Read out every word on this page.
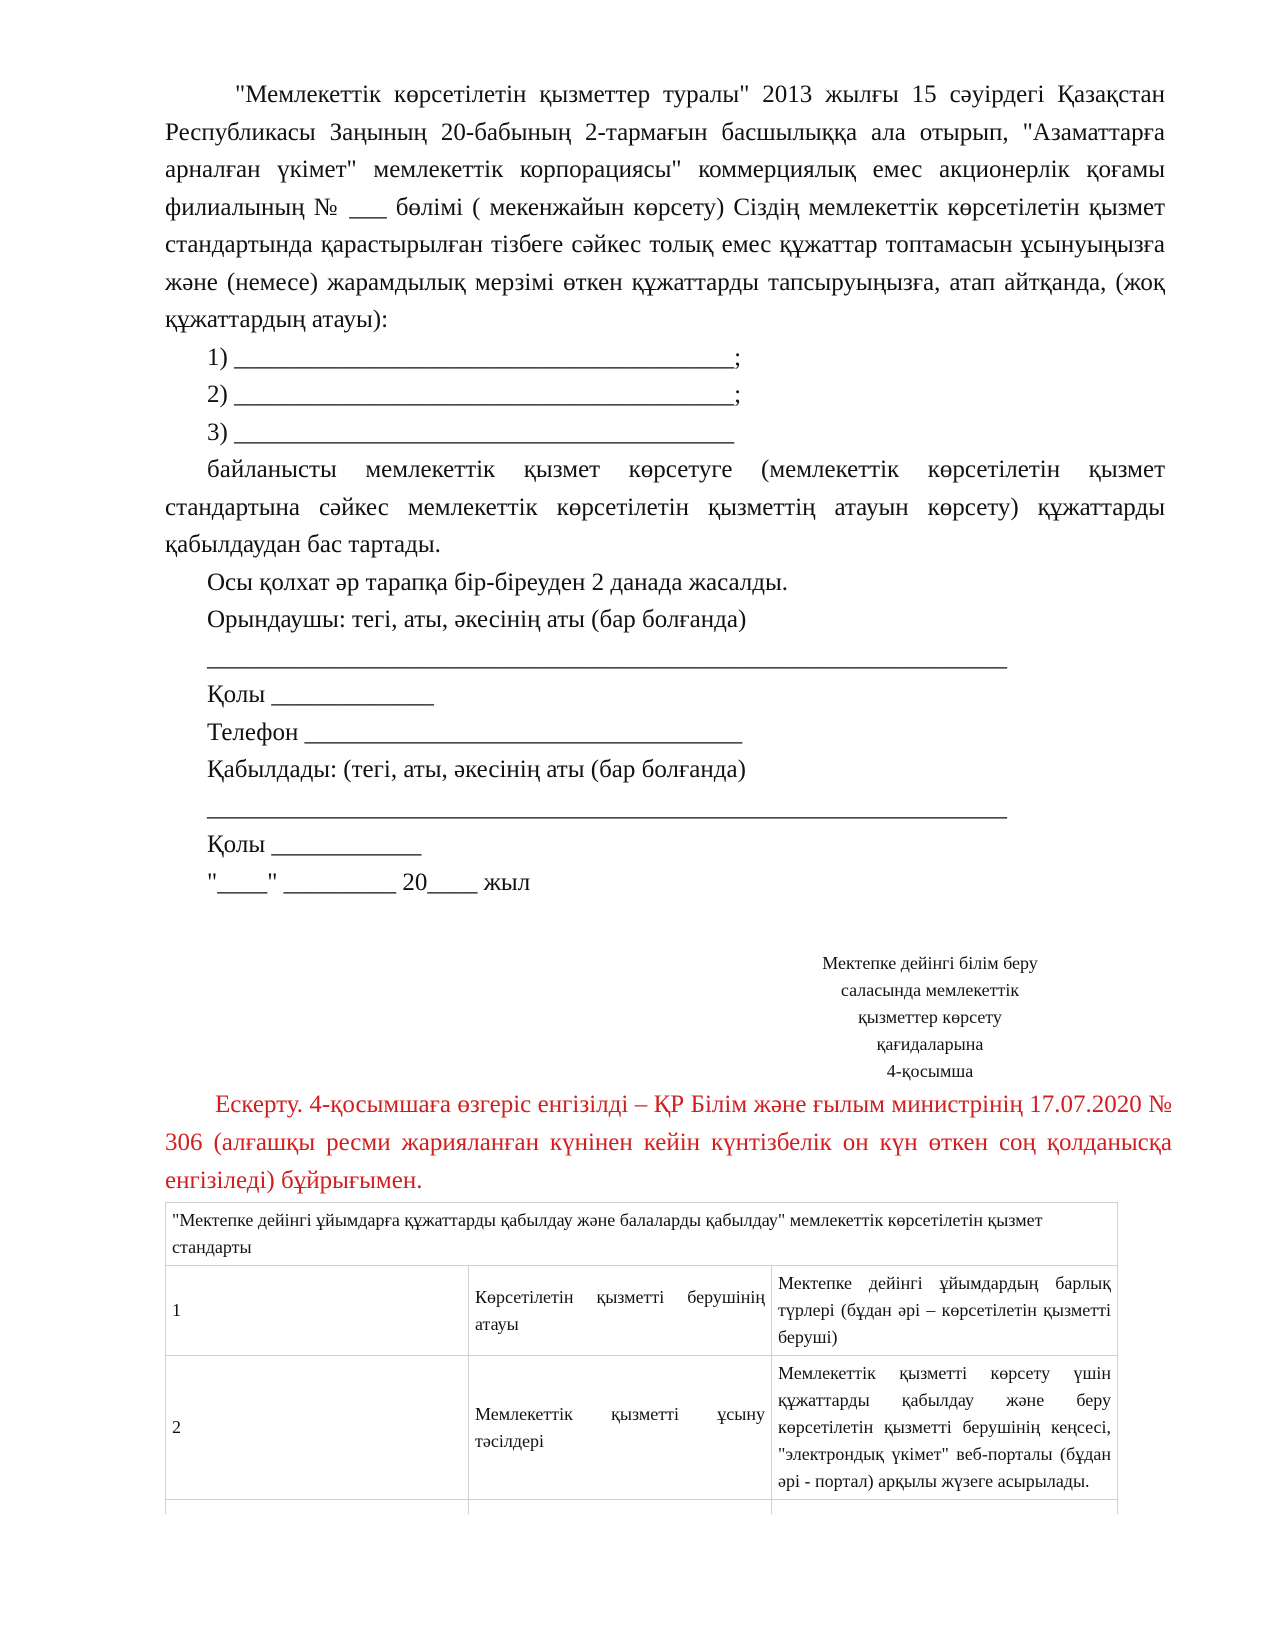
"Мемлекеттік көрсетілетін қызметтер туралы" 2013 жылғы 15 сәуірдегі Қазақстан Республикасы Заңының 20-бабының 2-тармағын басшылыққа ала отырып, "Азаматтарға арналған үкімет" мемлекеттік корпорациясы" коммерциялық емес акционерлік қоғамы филиалының № ___ бөлімі ( мекенжайын көрсету) Сіздің мемлекеттік көрсетілетін қызмет стандартында қарастырылған тізбеге сәйкес толық емес құжаттар топтамасын ұсынуыңызға және (немесе) жарамдылық мерзімі өткен құжаттарды тапсыруыңызға, атап айтқанда, (жоқ құжаттардың атауы):

1) ________________________________________;

2) ________________________________________;

3) ________________________________________

байланысты мемлекеттік қызмет көрсетуге (мемлекеттік көрсетілетін қызмет стандартына сәйкес мемлекеттік көрсетілетін қызметтің атауын көрсету) құжаттарды қабылдаудан бас тартады.

Осы қолхат әр тарапқа бір-біреуден 2 данада жасалды.

Орындаушы: тегі, аты, әкесінің аты (бар болғанда)

________________________________________________________________

Қолы _____________

Телефон ___________________________________

Қабылдады: (тегі, аты, әкесінің аты (бар болғанда)

________________________________________________________________

Қолы ____________

"____" _________ 20____ жыл

Мектепке дейінгі білім беру
саласында мемлекеттік
қызметтер көрсету
қағидаларына
4-қосымша

Ескерту. 4-қосымшаға өзгеріс енгізілді – ҚР Білім және ғылым министрінің 17.07.2020 № 306 (алғашқы ресми жарияланған күнінен кейін күнтізбелік он күн өткен соң қолданысқа енгізіледі) бұйрығымен.

"Мектепке дейінгі ұйымдарға құжаттарды қабылдау және балаларды қабылдау" мемлекеттік көрсетілетін қызмет стандарты		
1	Көрсетілетін қызметті берушінің атауы	Мектепке дейінгі ұйымдардың барлық түрлері (бұдан әрі – көрсетілетін қызметті беруші)
2	Мемлекеттік қызметті ұсыну тәсілдері	Мемлекеттік қызметті көрсету үшін құжаттарды қабылдау және беру көрсетілетін қызметті берушінің кеңсесі, "электрондық үкімет" веб-порталы (бұдан әрі - портал) арқылы жүзеге асырылады.
